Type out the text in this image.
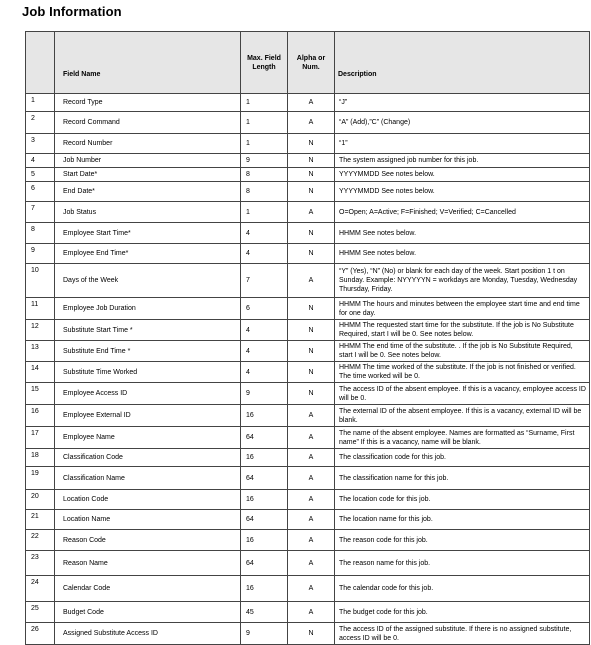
Job Information
	Field Name	Max. Field Length	Alpha or Num.	Description
1	Record Type	1	A	“J”
2	Record Command	1	A	“A” (Add),”C” (Change)
3	Record Number	1	N	“1”
4	Job Number	9	N	The system assigned job number for this job.
5	Start Date*	8	N	YYYYMMDD See notes below.
6	End Date*	8	N	YYYYMMDD See notes below.
7	Job Status	1	A	O=Open; A=Active; F=Finished; V=Verified; C=Cancelled
8	Employee Start Time*	4	N	HHMM See notes below.
9	Employee End Time*	4	N	HHMM See notes below.
10	Days of the Week	7	A	“Y” (Yes), “N” (No) or blank for each day of the week. Start position 1 t on Sunday. Example: NYYYYYN = workdays are Monday, Tuesday, Wednesday Thursday, Friday.
11	Employee Job Duration	6	N	HHMM The hours and minutes between the employee start time and end time for one day.
12	Substitute Start Time *	4	N	HHMM The requested start time for the substitute. If the job is No Substitute Required, start I will be 0. See notes below.
13	Substitute End Time *	4	N	HHMM The end time of the substitute. . If the job is No Substitute Required, start I will be 0. See notes below.
14	Substitute Time Worked	4	N	HHMM The time worked of the substitute. If the job is not finished or verified. The time worked will be 0.
15	Employee Access ID	9	N	The access ID of the absent employee. If this is a vacancy, employee access ID will be 0.
16	Employee External ID	16	A	The external ID of the absent employee. If this is a vacancy, external ID will be blank.
17	Employee Name	64	A	The name of the absent employee. Names are formatted as “Surname, First name” If this is a vacancy, name will be blank.
18	Classification Code	16	A	The classification code for this job.
19	Classification Name	64	A	The classification name for this job.
20	Location Code	16	A	The location code for this job.
21	Location Name	64	A	The location name for this job.
22	Reason Code	16	A	The reason code for this job.
23	Reason Name	64	A	The reason name for this job.
24	Calendar Code	16	A	The calendar code for this job.
25	Budget Code	45	A	The budget code for this job.
26	Assigned Substitute Access ID	9	N	The access ID of the assigned substitute. If there is no assigned substitute, access ID will be 0.
